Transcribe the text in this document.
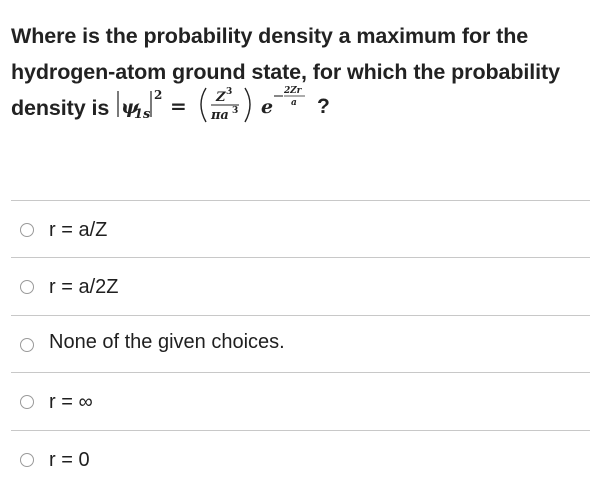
Where is the probability density a maximum for the
hydrogen-atom ground state, for which the probability
density is ψ
1s
2 = Z 3
πa 3 e
2Zr
a ?
r = a/Z
r = a/2Z
None of the given choices.
r = ∞
r = 0
